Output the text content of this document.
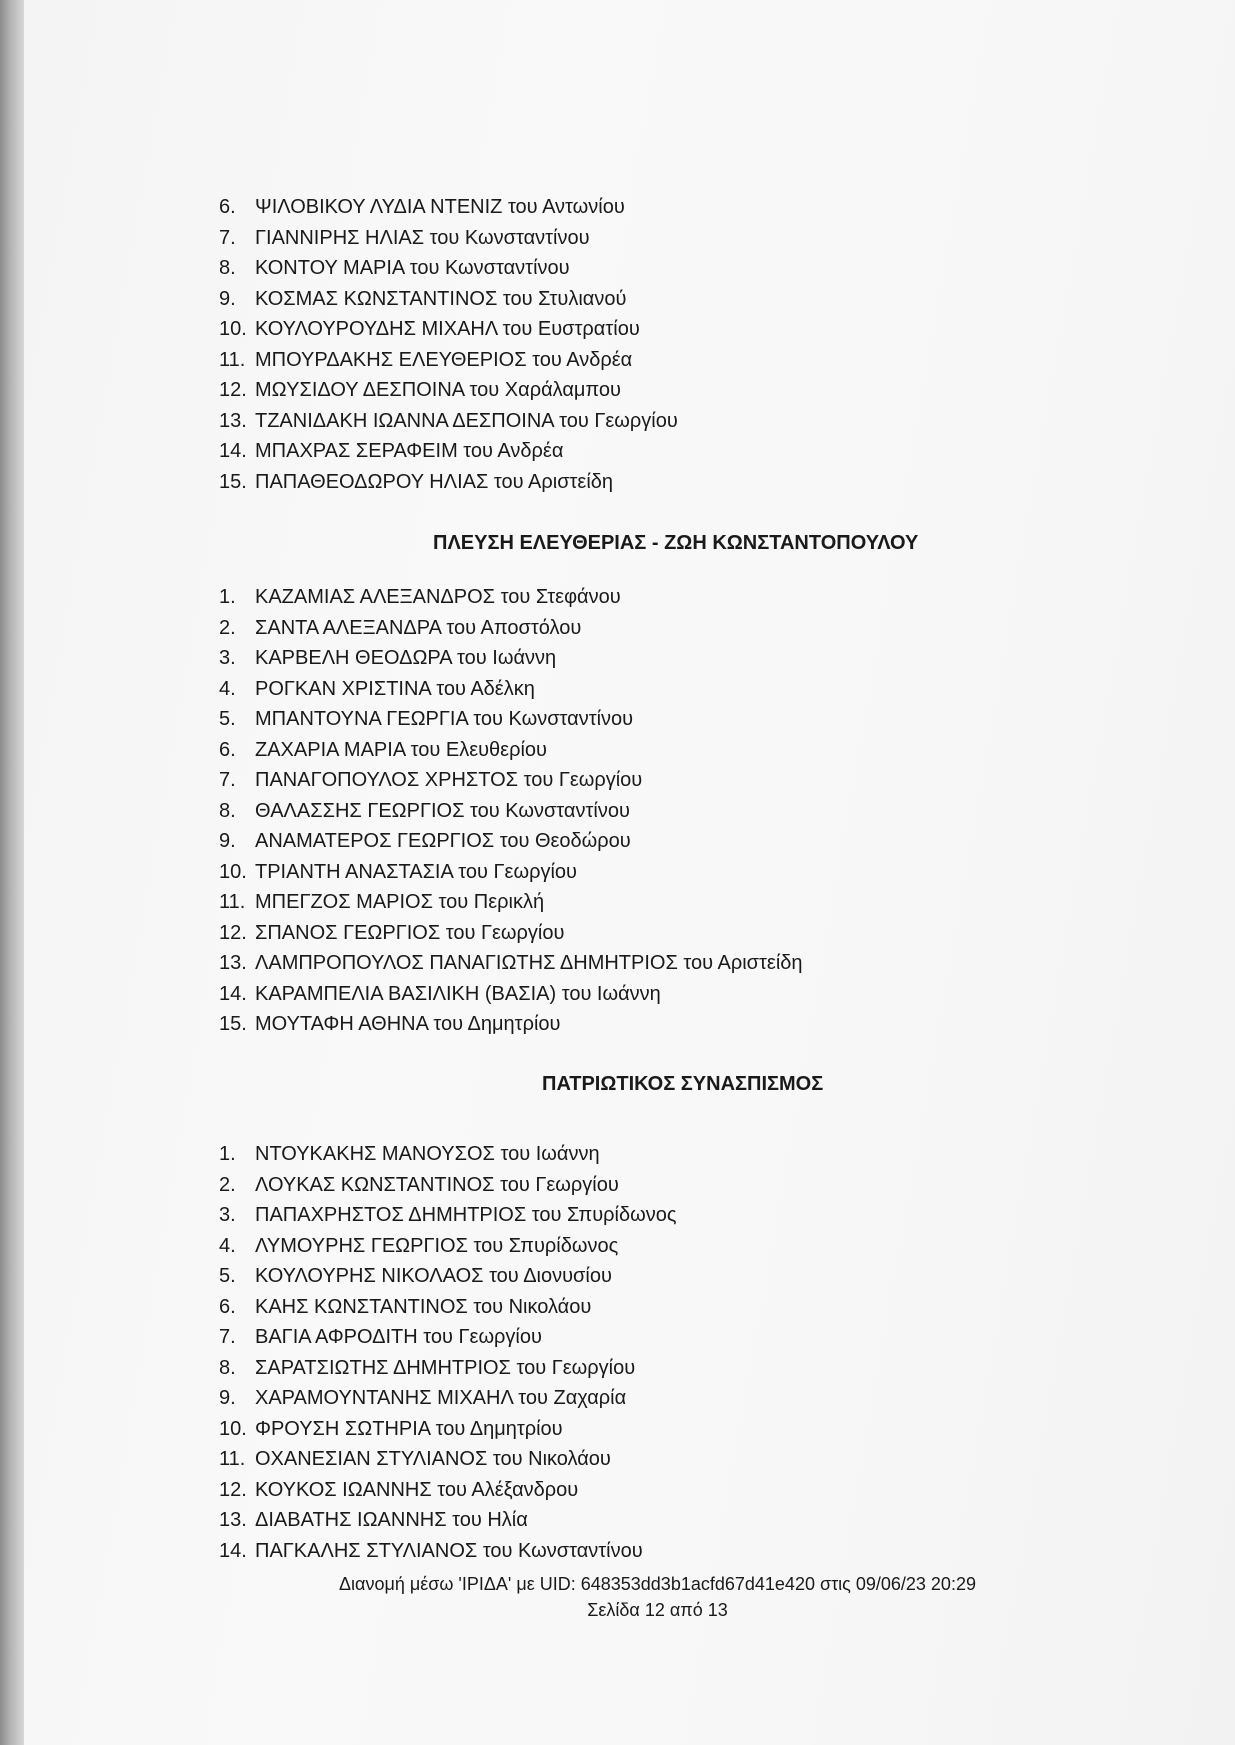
6. ΨΙΛΟΒΙΚΟΥ ΛΥΔΙΑ ΝΤΕΝΙΖ του Αντωνίου
7. ΓΙΑΝΝΙΡΗΣ ΗΛΙΑΣ του Κωνσταντίνου
8. ΚΟΝΤΟΥ ΜΑΡΙΑ του Κωνσταντίνου
9. ΚΟΣΜΑΣ ΚΩΝΣΤΑΝΤΙΝΟΣ του Στυλιανού
10. ΚΟΥΛΟΥΡΟΥΔΗΣ ΜΙΧΑΗΛ του Ευστρατίου
11. ΜΠΟΥΡΔΑΚΗΣ ΕΛΕΥΘΕΡΙΟΣ του Ανδρέα
12. ΜΩΥΣΙΔΟΥ ΔΕΣΠΟΙΝΑ του Χαράλαμπου
13. ΤΖΑΝΙΔΑΚΗ ΙΩΑΝΝΑ ΔΕΣΠΟΙΝΑ του Γεωργίου
14. ΜΠΑΧΡΑΣ ΣΕΡΑΦΕΙΜ του Ανδρέα
15. ΠΑΠΑΘΕΟΔΩΡΟΥ ΗΛΙΑΣ του Αριστείδη
ΠΛΕΥΣΗ ΕΛΕΥΘΕΡΙΑΣ - ΖΩΗ ΚΩΝΣΤΑΝΤΟΠΟΥΛΟΥ
1. ΚΑΖΑΜΙΑΣ ΑΛΕΞΑΝΔΡΟΣ του Στεφάνου
2. ΣΑΝΤΑ ΑΛΕΞΑΝΔΡΑ του Αποστόλου
3. ΚΑΡΒΕΛΗ ΘΕΟΔΩΡΑ του Ιωάννη
4. ΡΟΓΚΑΝ ΧΡΙΣΤΙΝΑ του Αδέλκη
5. ΜΠΑΝΤΟΥΝΑ ΓΕΩΡΓΙΑ του Κωνσταντίνου
6. ΖΑΧΑΡΙΑ ΜΑΡΙΑ του Ελευθερίου
7. ΠΑΝΑΓΟΠΟΥΛΟΣ ΧΡΗΣΤΟΣ του Γεωργίου
8. ΘΑΛΑΣΣΗΣ ΓΕΩΡΓΙΟΣ του Κωνσταντίνου
9. ΑΝΑΜΑΤΕΡΟΣ ΓΕΩΡΓΙΟΣ του Θεοδώρου
10. ΤΡΙΑΝΤΗ ΑΝΑΣΤΑΣΙΑ του Γεωργίου
11. ΜΠΕΓΖΟΣ ΜΑΡΙΟΣ του Περικλή
12. ΣΠΑΝΟΣ ΓΕΩΡΓΙΟΣ του Γεωργίου
13. ΛΑΜΠΡΟΠΟΥΛΟΣ ΠΑΝΑΓΙΩΤΗΣ ΔΗΜΗΤΡΙΟΣ του Αριστείδη
14. ΚΑΡΑΜΠΕΛΙΑ ΒΑΣΙΛΙΚΗ (ΒΑΣΙΑ) του Ιωάννη
15. ΜΟΥΤΑΦΗ ΑΘΗΝΑ του Δημητρίου
ΠΑΤΡΙΩΤΙΚΟΣ ΣΥΝΑΣΠΙΣΜΟΣ
1. ΝΤΟΥΚΑΚΗΣ ΜΑΝΟΥΣΟΣ του Ιωάννη
2. ΛΟΥΚΑΣ ΚΩΝΣΤΑΝΤΙΝΟΣ του Γεωργίου
3. ΠΑΠΑΧΡΗΣΤΟΣ ΔΗΜΗΤΡΙΟΣ του Σπυρίδωνος
4. ΛΥΜΟΥΡΗΣ ΓΕΩΡΓΙΟΣ του Σπυρίδωνος
5. ΚΟΥΛΟΥΡΗΣ ΝΙΚΟΛΑΟΣ του Διονυσίου
6. ΚΑΗΣ ΚΩΝΣΤΑΝΤΙΝΟΣ του Νικολάου
7. ΒΑΓΙΑ ΑΦΡΟΔΙΤΗ του Γεωργίου
8. ΣΑΡΑΤΣΙΩΤΗΣ ΔΗΜΗΤΡΙΟΣ του Γεωργίου
9. ΧΑΡΑΜΟΥΝΤΑΝΗΣ ΜΙΧΑΗΛ του Ζαχαρία
10. ΦΡΟΥΣΗ ΣΩΤΗΡΙΑ του Δημητρίου
11. ΟΧΑΝΕΣΙΑΝ ΣΤΥΛΙΑΝΟΣ του Νικολάου
12. ΚΟΥΚΟΣ ΙΩΑΝΝΗΣ του Αλέξανδρου
13. ΔΙΑΒΑΤΗΣ ΙΩΑΝΝΗΣ του Ηλία
14. ΠΑΓΚΑΛΗΣ ΣΤΥΛΙΑΝΟΣ του Κωνσταντίνου
Διανομή μέσω 'ΙΡΙΔΑ' με UID: 648353dd3b1acfd67d41e420 στις 09/06/23 20:29
Σελίδα 12 από 13
